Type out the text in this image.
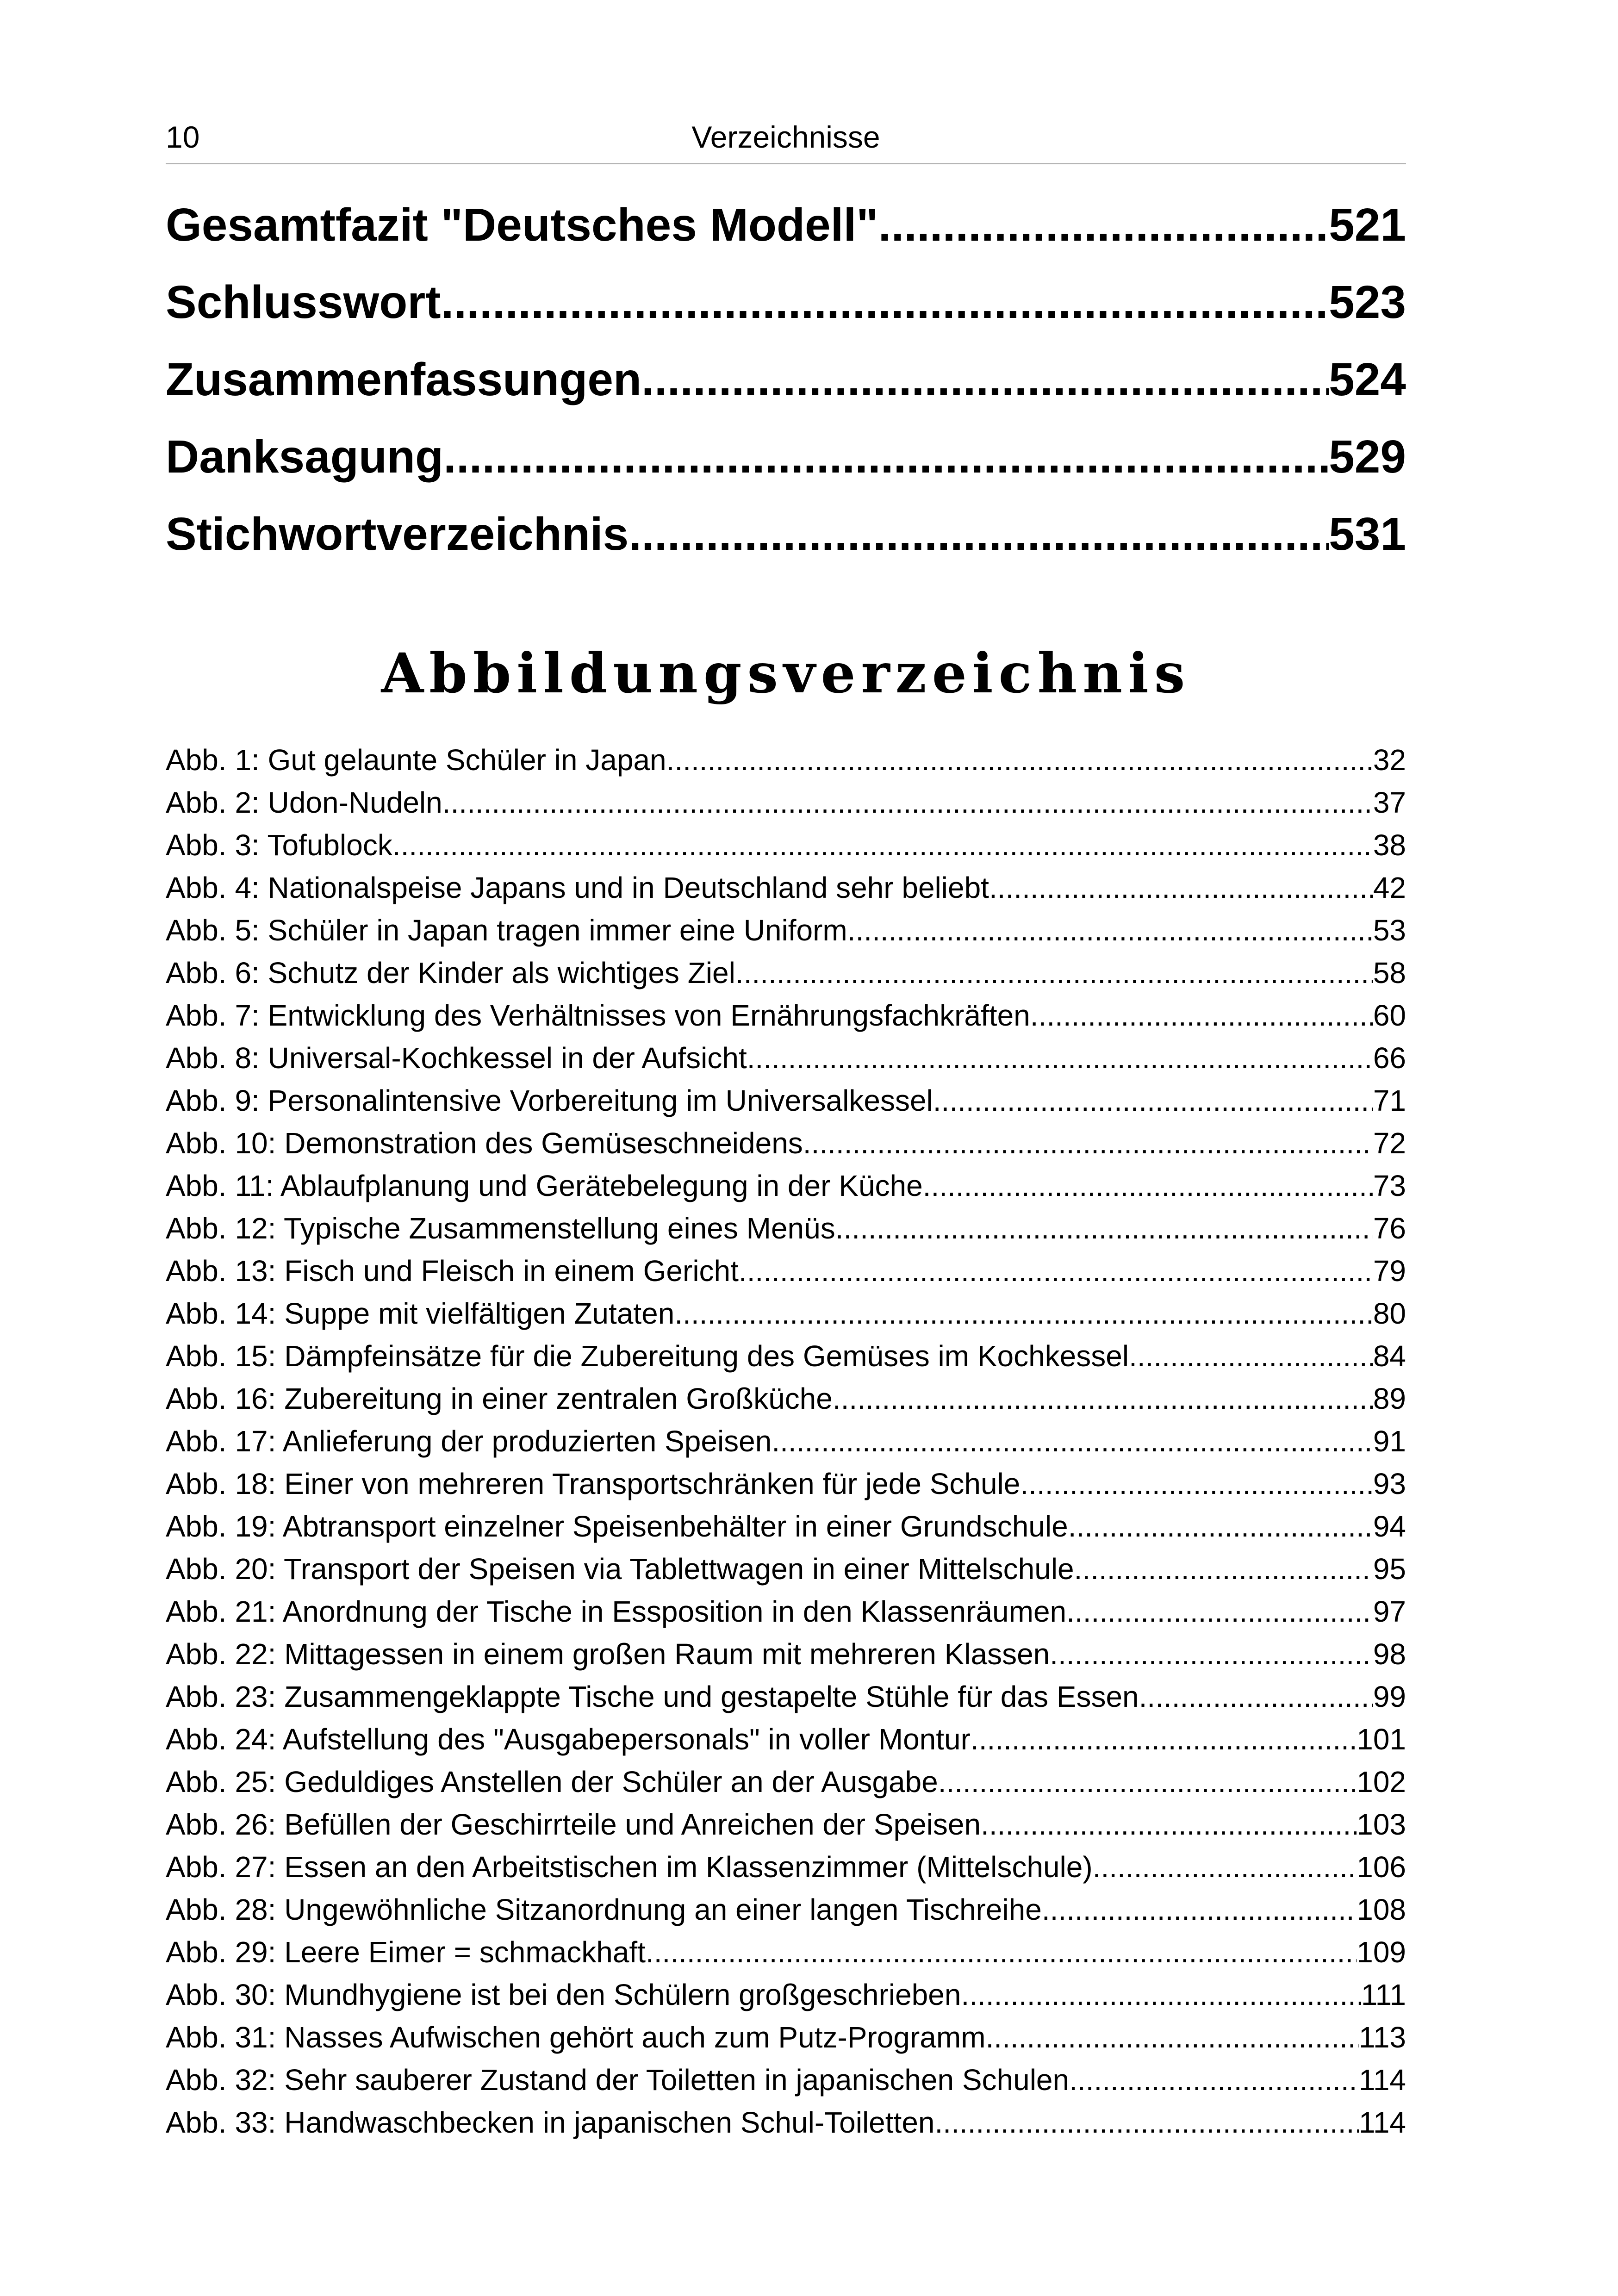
10	Verzeichnisse
Gesamtfazit "Deutsches Modell" .....	521
Schlusswort .....	523
Zusammenfassungen .....	524
Danksagung .....	529
Stichwortverzeichnis .....	531
Abbildungsverzeichnis
Abb. 1: Gut gelaunte Schüler in Japan .....	32
Abb. 2: Udon-Nudeln .....	37
Abb. 3: Tofublock .....	38
Abb. 4: Nationalspeise Japans und in Deutschland sehr beliebt .....	42
Abb. 5: Schüler in Japan tragen immer eine Uniform .....	53
Abb. 6: Schutz der Kinder als wichtiges Ziel .....	58
Abb. 7: Entwicklung des Verhältnisses von Ernährungsfachkräften .....	60
Abb. 8: Universal-Kochkessel in der Aufsicht .....	66
Abb. 9: Personalintensive Vorbereitung im Universalkessel .....	71
Abb. 10: Demonstration des Gemüseschneidens .....	72
Abb. 11: Ablaufplanung und Gerätebelegung in der Küche .....	73
Abb. 12: Typische Zusammenstellung eines Menüs .....	76
Abb. 13: Fisch und Fleisch in einem Gericht .....	79
Abb. 14: Suppe mit vielfältigen Zutaten .....	80
Abb. 15: Dämpfeinsätze für die Zubereitung des Gemüses im Kochkessel .....	84
Abb. 16: Zubereitung in einer zentralen Großküche .....	89
Abb. 17: Anlieferung der produzierten Speisen .....	91
Abb. 18: Einer von mehreren Transportschränken für jede Schule .....	93
Abb. 19: Abtransport einzelner Speisenbehälter in einer Grundschule .....	94
Abb. 20: Transport der Speisen via Tablettwagen in einer Mittelschule .....	95
Abb. 21: Anordnung der Tische in Essposition in den Klassenräumen .....	97
Abb. 22: Mittagessen in einem großen Raum mit mehreren Klassen .....	98
Abb. 23: Zusammengeklappte Tische und gestapelte Stühle für das Essen .....	99
Abb. 24: Aufstellung des "Ausgabepersonals" in voller Montur .....	101
Abb. 25: Geduldiges Anstellen der Schüler an der Ausgabe .....	102
Abb. 26: Befüllen der Geschirrteile und Anreichen der Speisen .....	103
Abb. 27: Essen an den Arbeitstischen im Klassenzimmer (Mittelschule) .....	106
Abb. 28: Ungewöhnliche Sitzanordnung an einer langen Tischreihe .....	108
Abb. 29: Leere Eimer = schmackhaft .....	109
Abb. 30: Mundhygiene ist bei den Schülern großgeschrieben .....	111
Abb. 31: Nasses Aufwischen gehört auch zum Putz-Programm .....	113
Abb. 32: Sehr sauberer Zustand der Toiletten in japanischen Schulen .....	114
Abb. 33: Handwaschbecken in japanischen Schul-Toiletten .....	114
